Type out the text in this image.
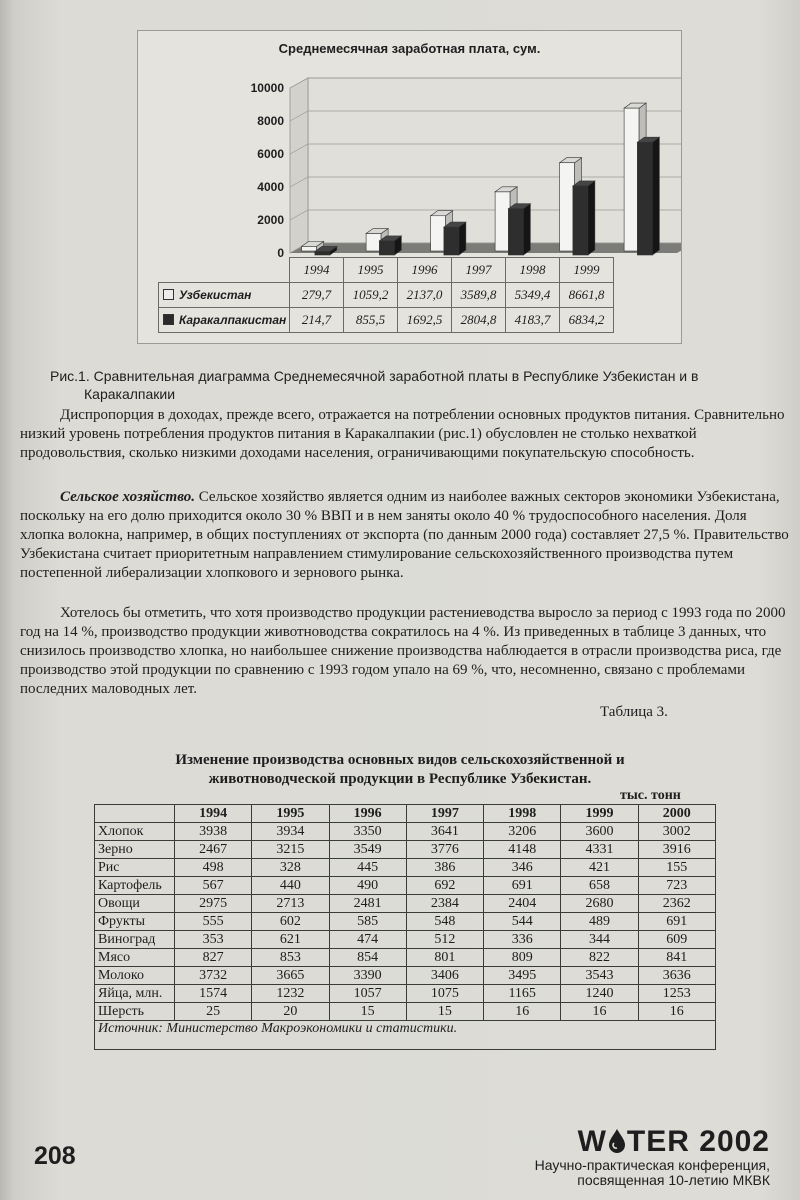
Среднемесячная заработная плата, сум.
0
2000
4000
6000
8000
10000
	1994	1995	1996	1997	1998	1999
Узбекистан	279,7	1059,2	2137,0	3589,8	5349,4	8661,8
Каракалпакистан	214,7	855,5	1692,5	2804,8	4183,7	6834,2
Рис.1. Сравнительная диаграмма Среднемесячной заработной платы в Республике Узбекистан и в
Каракалпакии
Диспропорция в доходах, прежде всего, отражается на потреблении основных продуктов питания. Сравнительно низкий уровень потребления продуктов питания в Каракалпакии (рис.1) обусловлен не столько нехваткой продовольствия, сколько низкими доходами населения, ограничивающими покупательскую способность.
Сельское хозяйство. Сельское хозяйство является одним из наиболее важных секторов экономики Узбекистана, поскольку на его долю приходится около 30 % ВВП и в нем заняты около 40 % трудоспособного населения. Доля хлопка волокна, например, в общих поступлениях от экспорта (по данным 2000 года) составляет 27,5 %. Правительство Узбекистана считает приоритетным направлением стимулирование сельскохозяйственного производства путем постепенной либерализации хлопкового и зернового рынка.
Хотелось бы отметить, что хотя производство продукции растениеводства выросло за период с 1993 года по 2000 год на 14 %, производство продукции животноводства сократилось на 4 %. Из приведенных в таблице 3 данных, что снизилось производство хлопка, но наибольшее снижение производства наблюдается в отрасли производства риса, где производство этой продукции по сравнению с 1993 годом упало на 69 %, что, несомненно, связано с проблемами последних маловодных лет.
Таблица 3.
Изменение производства основных видов сельскохозяйственной и
животноводческой продукции в Республике Узбекистан.
тыс. тонн
	1994	1995	1996	1997	1998	1999	2000
Хлопок	3938	3934	3350	3641	3206	3600	3002
Зерно	2467	3215	3549	3776	4148	4331	3916
Рис	498	328	445	386	346	421	155
Картофель	567	440	490	692	691	658	723
Овощи	2975	2713	2481	2384	2404	2680	2362
Фрукты	555	602	585	548	544	489	691
Виноград	353	621	474	512	336	344	609
Мясо	827	853	854	801	809	822	841
Молоко	3732	3665	3390	3406	3495	3543	3636
Яйца, млн.	1574	1232	1057	1075	1165	1240	1253
Шерсть	25	20	15	15	16	16	16
Источник: Министерство Макроэкономики и статистики.							
208	W TER 2002
Научно-практическая конференция,
посвященная 10-летию МКВК
